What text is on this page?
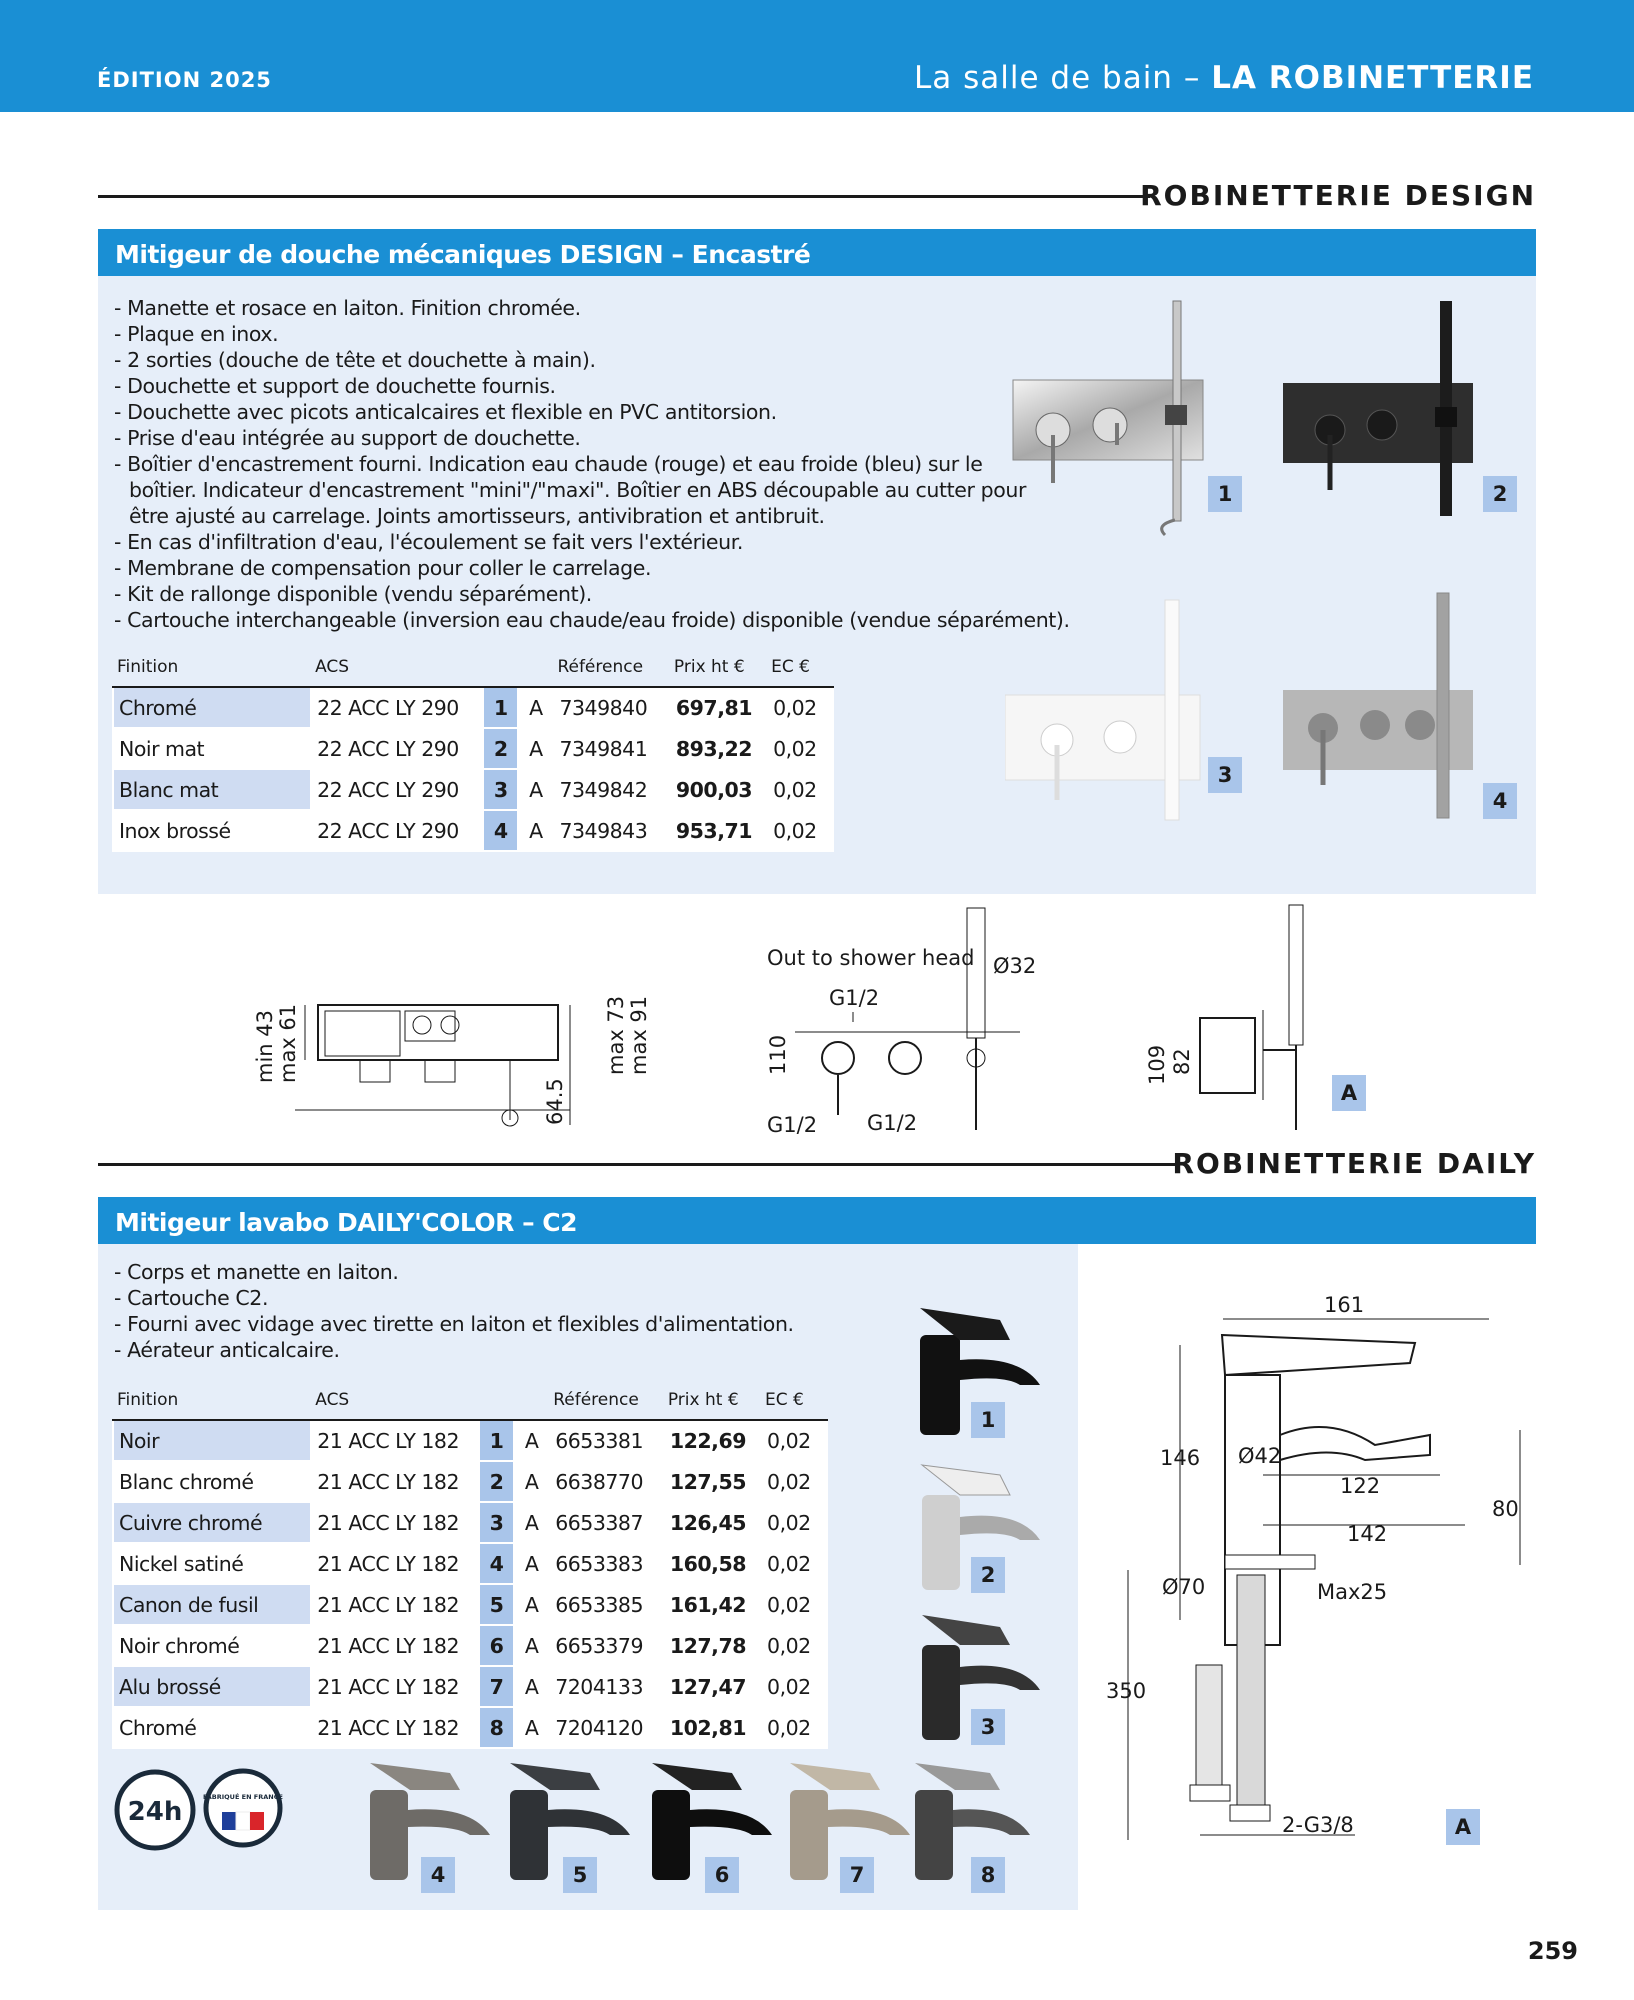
ÉDITION 2025	La salle de bain – LA ROBINETTERIE
ROBINETTERIE DESIGN
Mitigeur de douche mécaniques DESIGN – Encastré
- Manette et rosace en laiton. Finition chromée.
- Plaque en inox.
- 2 sorties (douche de tête et douchette à main).
- Douchette et support de douchette fournis.
- Douchette avec picots anticalcaires et flexible en PVC antitorsion.
- Prise d'eau intégrée au support de douchette.
- Boîtier d'encastrement fourni. Indication eau chaude (rouge) et eau froide (bleu) sur le boîtier. Indicateur d'encastrement "mini"/"maxi". Boîtier en ABS découpable au cutter pour être ajusté au carrelage. Joints amortisseurs, antivibration et antibruit.
- En cas d'infiltration d'eau, l'écoulement se fait vers l'extérieur.
- Membrane de compensation pour coller le carrelage.
- Kit de rallonge disponible (vendu séparément).
- Cartouche interchangeable (inversion eau chaude/eau froide) disponible (vendue séparément).
Finition	ACS			Référence	Prix ht €	EC €
Chromé	22 ACC LY 290	1	A	7349840	697,81	0,02
Noir mat	22 ACC LY 290	2	A	7349841	893,22	0,02
Blanc mat	22 ACC LY 290	3	A	7349842	900,03	0,02
Inox brossé	22 ACC LY 290	4	A	7349843	953,71	0,02
1	2
3
4
A
min 43 max 61
64.5
max 73 max 91
Out to shower head
G1/2
Ø32
110
G1/2 G1/2
109 82
ROBINETTERIE DAILY
Mitigeur lavabo DAILY'COLOR – C2
- Corps et manette en laiton.
- Cartouche C2.
- Fourni avec vidage avec tirette en laiton et flexibles d'alimentation.
- Aérateur anticalcaire.
Finition	ACS			Référence	Prix ht €	EC €
Noir	21 ACC LY 182	1	A	6653381	122,69	0,02
Blanc chromé	21 ACC LY 182	2	A	6638770	127,55	0,02
Cuivre chromé	21 ACC LY 182	3	A	6653387	126,45	0,02
Nickel satiné	21 ACC LY 182	4	A	6653383	160,58	0,02
Canon de fusil	21 ACC LY 182	5	A	6653385	161,42	0,02
Noir chromé	21 ACC LY 182	6	A	6653379	127,78	0,02
Alu brossé	21 ACC LY 182	7	A	7204133	127,47	0,02
Chromé	21 ACC LY 182	8	A	7204120	102,81	0,02
1
2
3
4	5	6	7	8
A
24h	FABRIQUÉ EN FRANCE
161
146 Ø42
122
80
142
Ø70	Max25
350
2-G3/8
259
